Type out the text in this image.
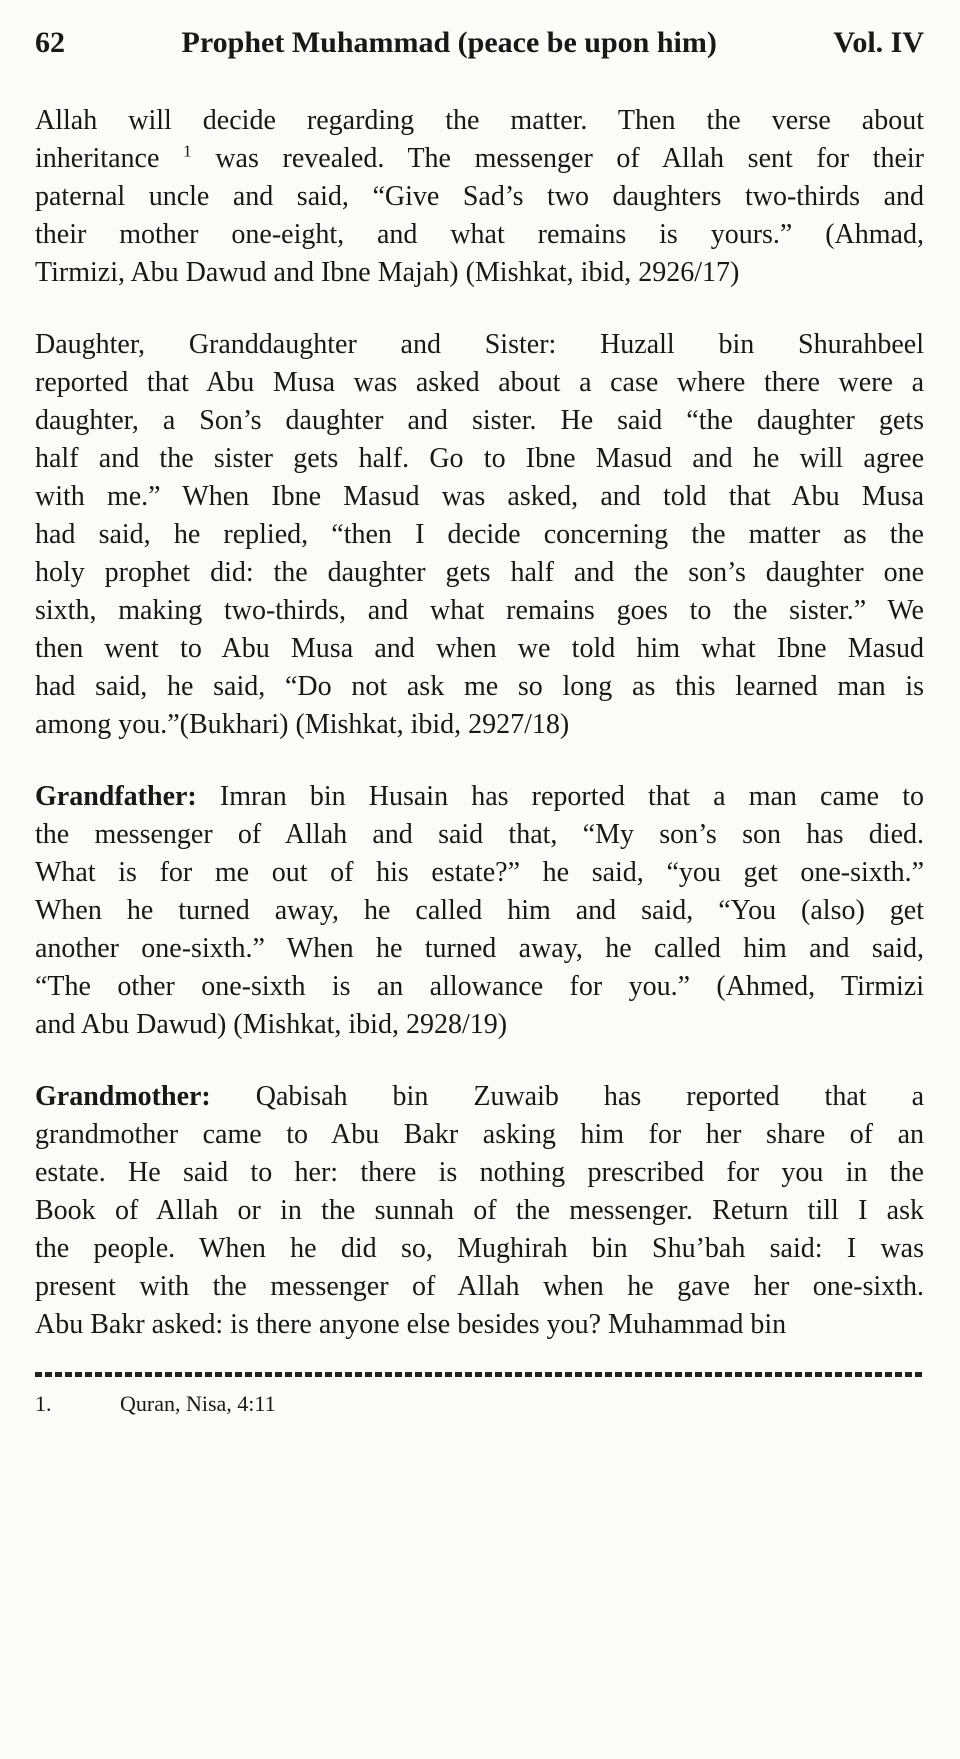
62	Prophet Muhammad (peace be upon him)	Vol. IV
Allah will decide regarding the matter. Then the verse about
inheritance $^1$ was revealed. The messenger of Allah sent for their
paternal uncle and said, “Give Sad’s two daughters two-thirds and
their mother one-eight, and what remains is yours.” (Ahmad,
Tirmizi, Abu Dawud and Ibne Majah) (Mishkat, ibid, 2926/17)
Daughter, Granddaughter and Sister: Huzall bin Shurahbeel
reported that Abu Musa was asked about a case where there were a
daughter, a Son’s daughter and sister. He said “the daughter gets
half and the sister gets half. Go to Ibne Masud and he will agree
with me.” When Ibne Masud was asked, and told that Abu Musa
had said, he replied, “then I decide concerning the matter as the
holy prophet did: the daughter gets half and the son’s daughter one
sixth, making two-thirds, and what remains goes to the sister.” We
then went to Abu Musa and when we told him what Ibne Masud
had said, he said, “Do not ask me so long as this learned man is
among you.”(Bukhari) (Mishkat, ibid, 2927/18)
Grandfather: Imran bin Husain has reported that a man came to
the messenger of Allah and said that, “My son’s son has died.
What is for me out of his estate?” he said, “you get one-sixth.”
When he turned away, he called him and said, “You (also) get
another one-sixth.” When he turned away, he called him and said,
“The other one-sixth is an allowance for you.” (Ahmed, Tirmizi
and Abu Dawud) (Mishkat, ibid, 2928/19)
Grandmother: Qabisah bin Zuwaib has reported that a
grandmother came to Abu Bakr asking him for her share of an
estate. He said to her: there is nothing prescribed for you in the
Book of Allah or in the sunnah of the messenger. Return till I ask
the people. When he did so, Mughirah bin Shu’bah said: I was
present with the messenger of Allah when he gave her one-sixth.
Abu Bakr asked: is there anyone else besides you? Muhammad bin
1.	Quran, Nisa, 4:11
